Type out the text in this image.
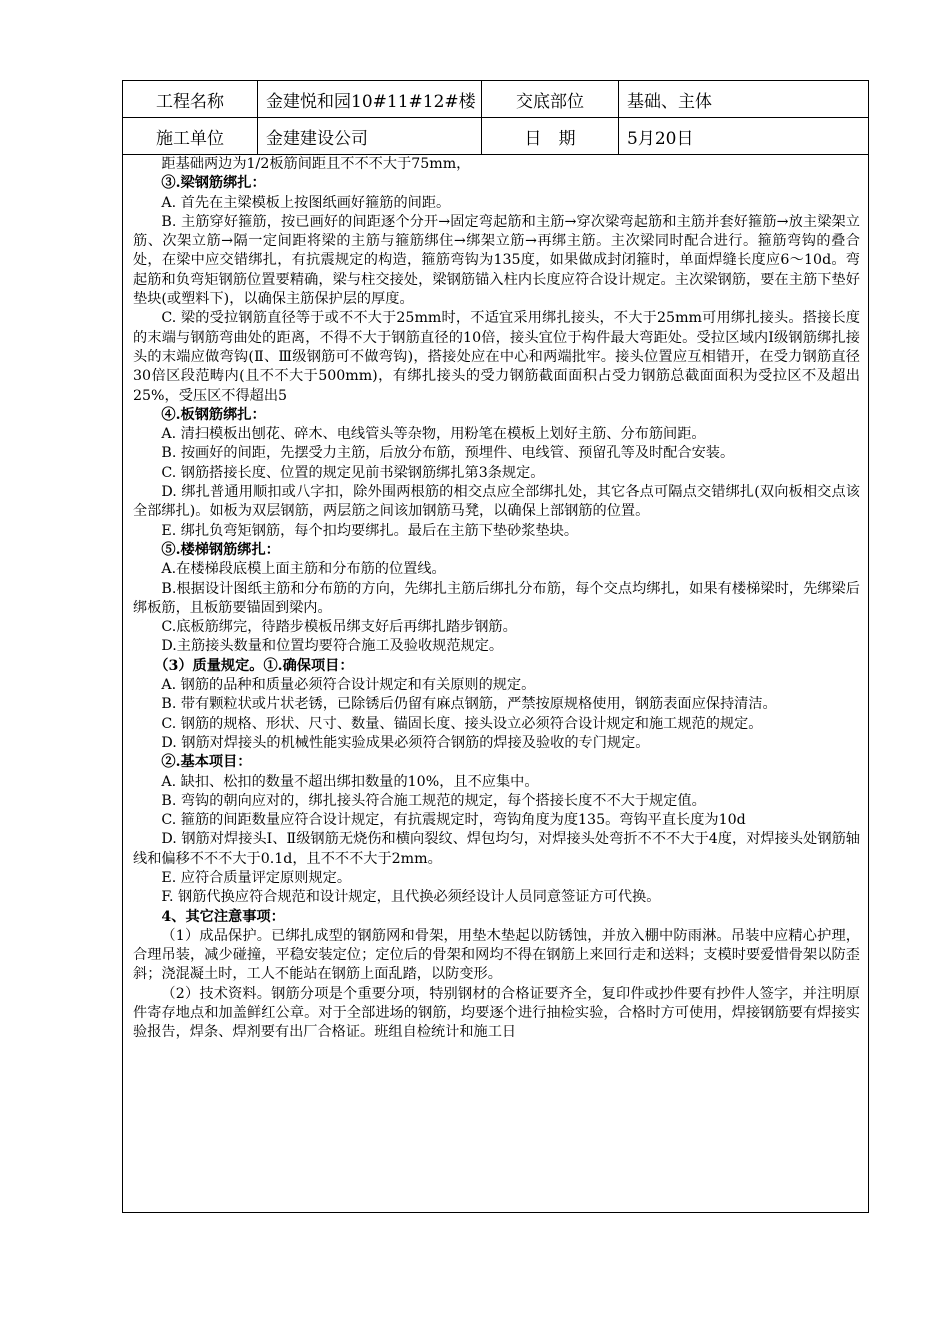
工程名称	金建悦和园10#11#12#楼	交底部位	基础、主体
施工单位	金建建设公司	日　期	5月20日

距基础两边为1/2板筋间距且不不不大于75mm，

③.梁钢筋绑扎：

A. 首先在主梁模板上按图纸画好箍筋的间距。

B. 主筋穿好箍筋，按已画好的间距逐个分开→固定弯起筋和主筋→穿次梁弯起筋和主筋并套好箍筋→放主梁架立筋、次架立筋→隔一定间距将梁的主筋与箍筋绑住→绑架立筋→再绑主筋。主次梁同时配合进行。箍筋弯钩的叠合处，在梁中应交错绑扎，有抗震规定的构造，箍筋弯钩为135度，如果做成封闭箍时，单面焊缝长度应6～10d。弯起筋和负弯矩钢筋位置要精确，梁与柱交接处，梁钢筋锚入柱内长度应符合设计规定。主次梁钢筋，要在主筋下垫好垫块(或塑料下)，以确保主筋保护层的厚度。

C. 梁的受拉钢筋直径等于或不不大于25mm时，不适宜采用绑扎接头，不大于25mm可用绑扎接头。搭接长度的末端与钢筋弯曲处的距离，不得不大于钢筋直径的10倍，接头宜位于构件最大弯距处。受拉区域内Ⅰ级钢筋绑扎接头的末端应做弯钩(Ⅱ、Ⅲ级钢筋可不做弯钩)，搭接处应在中心和两端批牢。接头位置应互相错开，在受力钢筋直径30倍区段范畴内(且不不大于500mm)，有绑扎接头的受力钢筋截面面积占受力钢筋总截面面积为受拉区不及超出25%，受压区不得超出5

④.板钢筋绑扎：

A. 清扫模板出刨花、碎木、电线管头等杂物，用粉笔在模板上划好主筋、分布筋间距。

B. 按画好的间距，先摆受力主筋，后放分布筋，预埋件、电线管、预留孔等及时配合安装。

C. 钢筋搭接长度、位置的规定见前书梁钢筋绑扎第3条规定。

D. 绑扎普通用顺扣或八字扣，除外围两根筋的相交点应全部绑扎处，其它各点可隔点交错绑扎(双向板相交点该全部绑扎)。如板为双层钢筋，两层筋之间该加钢筋马凳，以确保上部钢筋的位置。

E. 绑扎负弯矩钢筋，每个扣均要绑扎。最后在主筋下垫砂浆垫块。

⑤.楼梯钢筋绑扎：

A.在楼梯段底模上面主筋和分布筋的位置线。

B.根据设计图纸主筋和分布筋的方向，先绑扎主筋后绑扎分布筋，每个交点均绑扎，如果有楼梯梁时，先绑梁后绑板筋，且板筋要锚固到梁内。

C.底板筋绑完，待踏步模板吊绑支好后再绑扎踏步钢筋。

D.主筋接头数量和位置均要符合施工及验收规范规定。

（3）质量规定。①.确保项目：

A. 钢筋的品种和质量必须符合设计规定和有关原则的规定。

B. 带有颗粒状或片状老锈，已除锈后仍留有麻点钢筋，严禁按原规格使用，钢筋表面应保持清洁。

C. 钢筋的规格、形状、尺寸、数量、锚固长度、接头设立必须符合设计规定和施工规范的规定。

D. 钢筋对焊接头的机械性能实验成果必须符合钢筋的焊接及验收的专门规定。

②.基本项目：

A. 缺扣、松扣的数量不超出绑扣数量的10%，且不应集中。

B. 弯钩的朝向应对的，绑扎接头符合施工规范的规定，每个搭接长度不不大于规定值。

C. 箍筋的间距数量应符合设计规定，有抗震规定时，弯钩角度为度135。弯钩平直长度为10d

D. 钢筋对焊接头Ⅰ、Ⅱ级钢筋无烧伤和横向裂纹、焊包均匀，对焊接头处弯折不不不大于4度，对焊接头处钢筋轴线和偏移不不不大于0.1d，且不不不大于2mm。

E. 应符合质量评定原则规定。

F. 钢筋代换应符合规范和设计规定，且代换必须经设计人员同意签证方可代换。

4、其它注意事项：

（1）成品保护。已绑扎成型的钢筋网和骨架，用垫木垫起以防锈蚀，并放入棚中防雨淋。吊装中应精心护理，合理吊装，减少碰撞，平稳安装定位；定位后的骨架和网均不得在钢筋上来回行走和送料；支模时要爱惜骨架以防歪斜；浇混凝土时，工人不能站在钢筋上面乱踏，以防变形。

（2）技术资料。钢筋分项是个重要分项，特别钢材的合格证要齐全，复印件或抄件要有抄件人签字，并注明原件寄存地点和加盖鲜红公章。对于全部进场的钢筋，均要逐个进行抽检实验，合格时方可使用，焊接钢筋要有焊接实验报告，焊条、焊剂要有出厂合格证。班组自检统计和施工日
